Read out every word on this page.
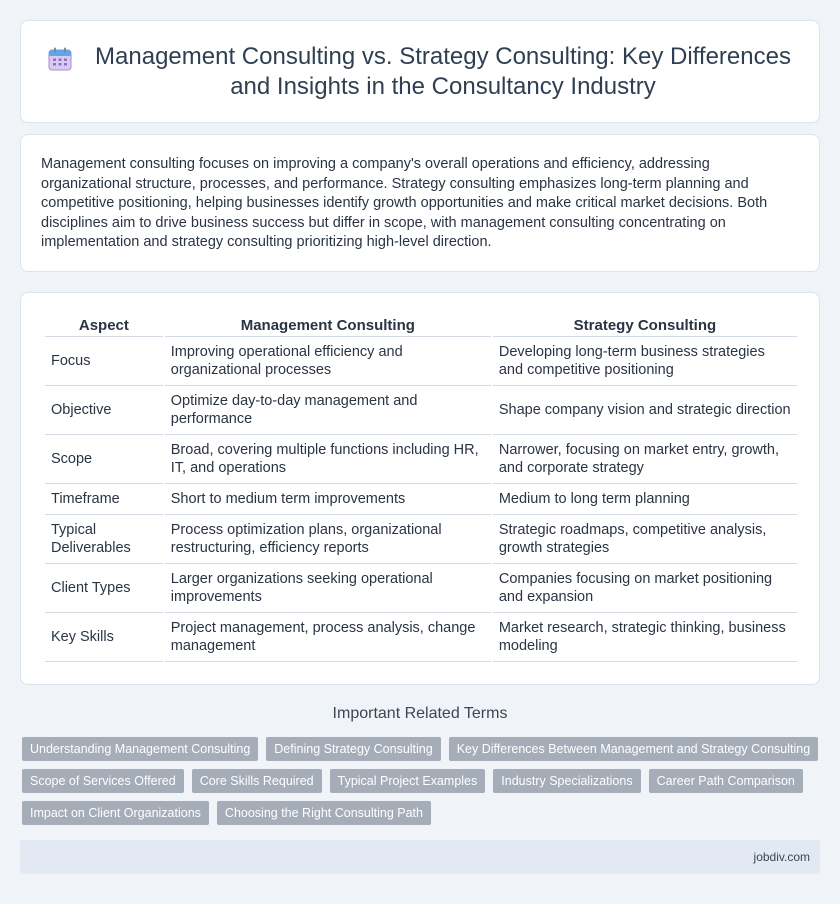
Management Consulting vs. Strategy Consulting: Key Differences and Insights in the Consultancy Industry

Management consulting focuses on improving a company's overall operations and efficiency, addressing organizational structure, processes, and performance. Strategy consulting emphasizes long-term planning and competitive positioning, helping businesses identify growth opportunities and make critical market decisions. Both disciplines aim to drive business success but differ in scope, with management consulting concentrating on implementation and strategy consulting prioritizing high-level direction.

Aspect	Management Consulting	Strategy Consulting
Focus	Improving operational efficiency and organizational processes	Developing long-term business strategies and competitive positioning
Objective	Optimize day-to-day management and performance	Shape company vision and strategic direction
Scope	Broad, covering multiple functions including HR, IT, and operations	Narrower, focusing on market entry, growth, and corporate strategy
Timeframe	Short to medium term improvements	Medium to long term planning
Typical Deliverables	Process optimization plans, organizational restructuring, efficiency reports	Strategic roadmaps, competitive analysis, growth strategies
Client Types	Larger organizations seeking operational improvements	Companies focusing on market positioning and expansion
Key Skills	Project management, process analysis, change management	Market research, strategic thinking, business modeling
Important Related Terms
Understanding Management Consulting	Defining Strategy Consulting	Key Differences Between Management and Strategy Consulting
Scope of Services Offered	Core Skills Required	Typical Project Examples	Industry Specializations	Career Path Comparison
Impact on Client Organizations	Choosing the Right Consulting Path
jobdiv.com
